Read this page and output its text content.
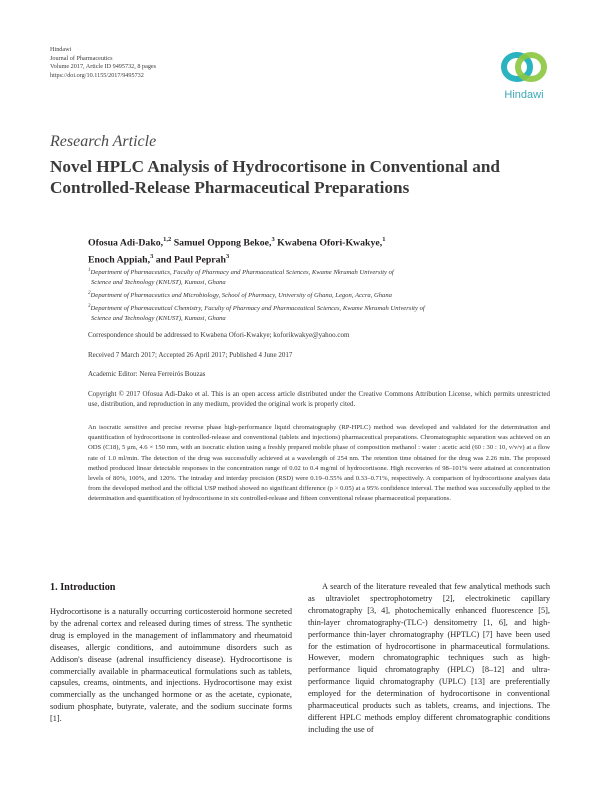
Hindawi
Journal of Pharmaceutics
Volume 2017, Article ID 9495732, 8 pages
https://doi.org/10.1155/2017/9495732
Hindawi
Research Article
Novel HPLC Analysis of Hydrocortisone in Conventional and Controlled-Release Pharmaceutical Preparations
Ofosua Adi-Dako,$^{1,2}$ Samuel Oppong Bekoe,$^3$ Kwabena Ofori-Kwakye,$^1$
Enoch Appiah,$^3$ and Paul Peprah$^3$
$^1$Department of Pharmaceutics, Faculty of Pharmacy and Pharmaceutical Sciences, Kwame Nkrumah University of
Science and Technology (KNUST), Kumasi, Ghana
$^2$Department of Pharmaceutics and Microbiology, School of Pharmacy, University of Ghana, Legon, Accra, Ghana
$^3$Department of Pharmaceutical Chemistry, Faculty of Pharmacy and Pharmaceutical Sciences, Kwame Nkrumah University of
Science and Technology (KNUST), Kumasi, Ghana
Correspondence should be addressed to Kwabena Ofori-Kwakye; koforikwakye@yahoo.com
Received 7 March 2017; Accepted 26 April 2017; Published 4 June 2017
Academic Editor: Nerea Ferreirós Bouzas
Copyright © 2017 Ofosua Adi-Dako et al. This is an open access article distributed under the Creative Commons Attribution License, which permits unrestricted use, distribution, and reproduction in any medium, provided the original work is properly cited.
An isocratic sensitive and precise reverse phase high-performance liquid chromatography (RP-HPLC) method was developed and validated for the determination and quantification of hydrocortisone in controlled-release and conventional (tablets and injections) pharmaceutical preparations. Chromatographic separation was achieved on an ODS (C18), 5 μm, 4.6 × 150 mm, with an isocratic elution using a freshly prepared mobile phase of composition methanol : water : acetic acid (60 : 30 : 10, v/v/v) at a flow rate of 1.0 ml/min. The detection of the drug was successfully achieved at a wavelength of 254 nm. The retention time obtained for the drug was 2.26 min. The proposed method produced linear detectable responses in the concentration range of 0.02 to 0.4 mg/ml of hydrocortisone. High recoveries of 98–101% were attained at concentration levels of 80%, 100%, and 120%. The intraday and interday precision (RSD) were 0.19–0.55% and 0.33–0.71%, respectively. A comparison of hydrocortisone analyses data from the developed method and the official USP method showed no significant difference (p > 0.05) at a 95% confidence interval. The method was successfully applied to the determination and quantification of hydrocortisone in six controlled-release and fifteen conventional release pharmaceutical preparations.
1. Introduction

Hydrocortisone is a naturally occurring corticosteroid hormone secreted by the adrenal cortex and released during times of stress. The synthetic drug is employed in the management of inflammatory and rheumatoid diseases, allergic conditions, and autoimmune disorders such as Addison's disease (adrenal insufficiency disease). Hydrocortisone is commercially available in pharmaceutical formulations such as tablets, capsules, creams, ointments, and injections. Hydrocortisone may exist commercially as the unchanged hormone or as the acetate, cypionate, sodium phosphate, butyrate, valerate, and the sodium succinate forms [1].

A search of the literature revealed that few analytical methods such as ultraviolet spectrophotometry [2], electrokinetic capillary chromatography [3, 4], photochemically enhanced fluorescence [5], thin-layer chromatography-(TLC-) densitometry [1, 6], and high-performance thin-layer chromatography (HPTLC) [7] have been used for the estimation of hydrocortisone in pharmaceutical formulations. However, modern chromatographic techniques such as high-performance liquid chromatography (HPLC) [8–12] and ultra-performance liquid chromatography (UPLC) [13] are preferentially employed for the determination of hydrocortisone in conventional pharmaceutical products such as tablets, creams, and injections. The different HPLC methods employ different chromatographic conditions including the use of
